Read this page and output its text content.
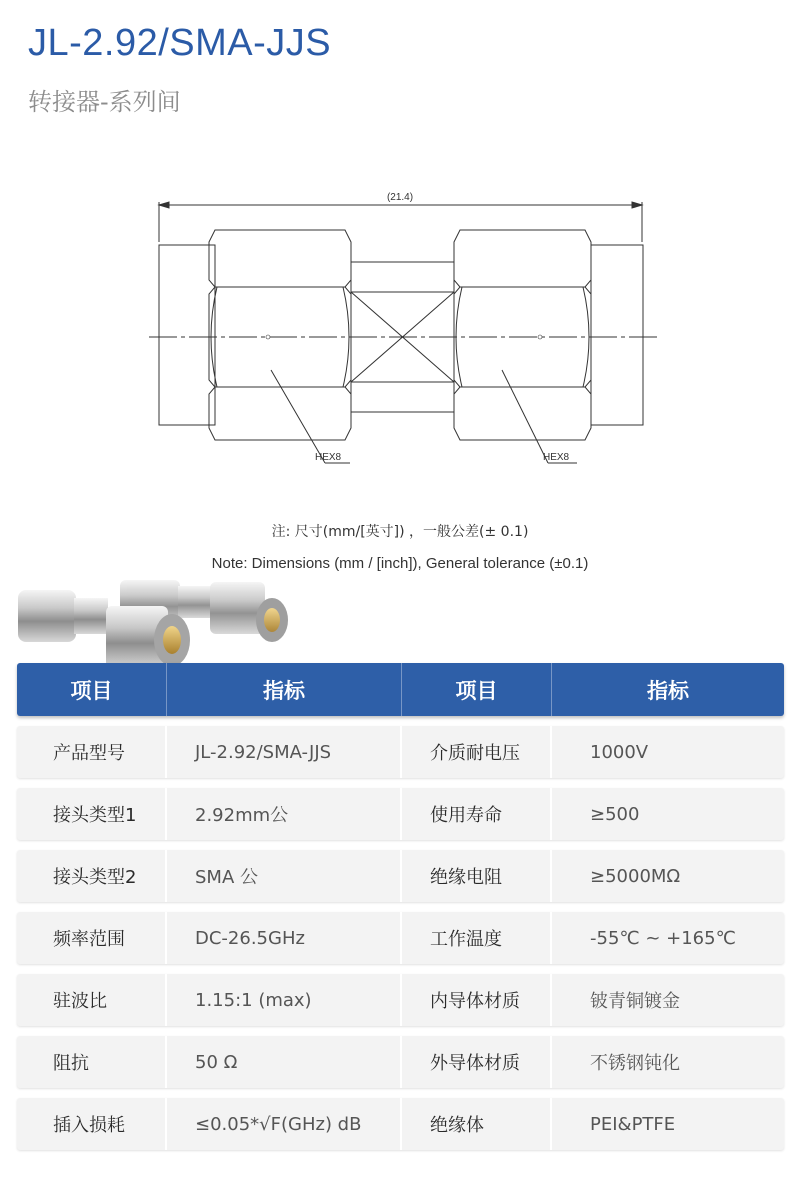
JL-2.92/SMA-JJS
转接器-系列间
(21.4)
HEX8	HEX8
注: 尺寸(mm/[英寸]) ，一般公差(± 0.1)
Note: Dimensions (mm / [inch]), General tolerance (±0.1)
项目	指标	项目	指标
产品型号	JL-2.92/SMA-JJS	介质耐电压	1000V
接头类型1	2.92mm公	使用寿命	≥500
接头类型2	SMA 公	绝缘电阻	≥5000MΩ
频率范围	DC-26.5GHz	工作温度	-55℃ ~ +165℃
驻波比	1.15:1 (max)	内导体材质	铍青铜镀金
阻抗	50 Ω	外导体材质	不锈钢钝化
插入损耗	≤0.05*√F(GHz) dB	绝缘体	PEI&PTFE
